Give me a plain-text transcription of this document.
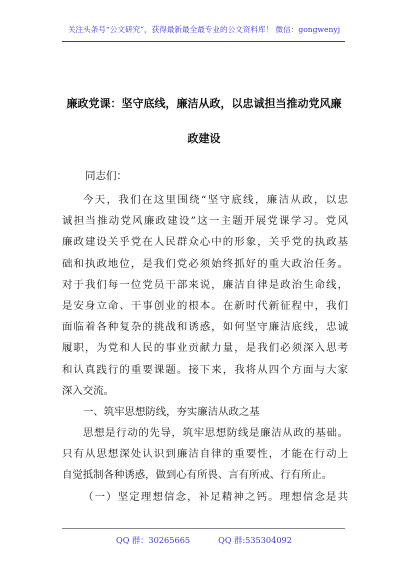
关注头条号“公文研究”，获得最新最全最专业的公文资料库！ 微信：gongwenyj
廉政党课：坚守底线，廉洁从政，以忠诚担当推动党风廉
政建设
同志们：
今天，我们在这里围绕“坚守底线，廉洁从政，以忠
诚担当推动党风廉政建设”这一主题开展党课学习。党风
廉政建设关乎党在人民群众心中的形象，关乎党的执政基
础和执政地位，是我们党必须始终抓好的重大政治任务。
对于我们每一位党员干部来说，廉洁自律是政治生命线，
是安身立命、干事创业的根本。在新时代新征程中，我们
面临着各种复杂的挑战和诱惑，如何坚守廉洁底线，忠诚
履职，为党和人民的事业贡献力量，是我们必须深入思考
和认真践行的重要课题。接下来，我将从四个方面与大家
深入交流。
一、筑牢思想防线，夯实廉洁从政之基
思想是行动的先导，筑牢思想防线是廉洁从政的基础。
只有从思想深处认识到廉洁自律的重要性，才能在行动上
自觉抵制各种诱惑，做到心有所畏、言有所戒、行有所止。
（一）坚定理想信念，补足精神之钙。理想信念是共
QQ 群：30265665	QQ 群:535304092
